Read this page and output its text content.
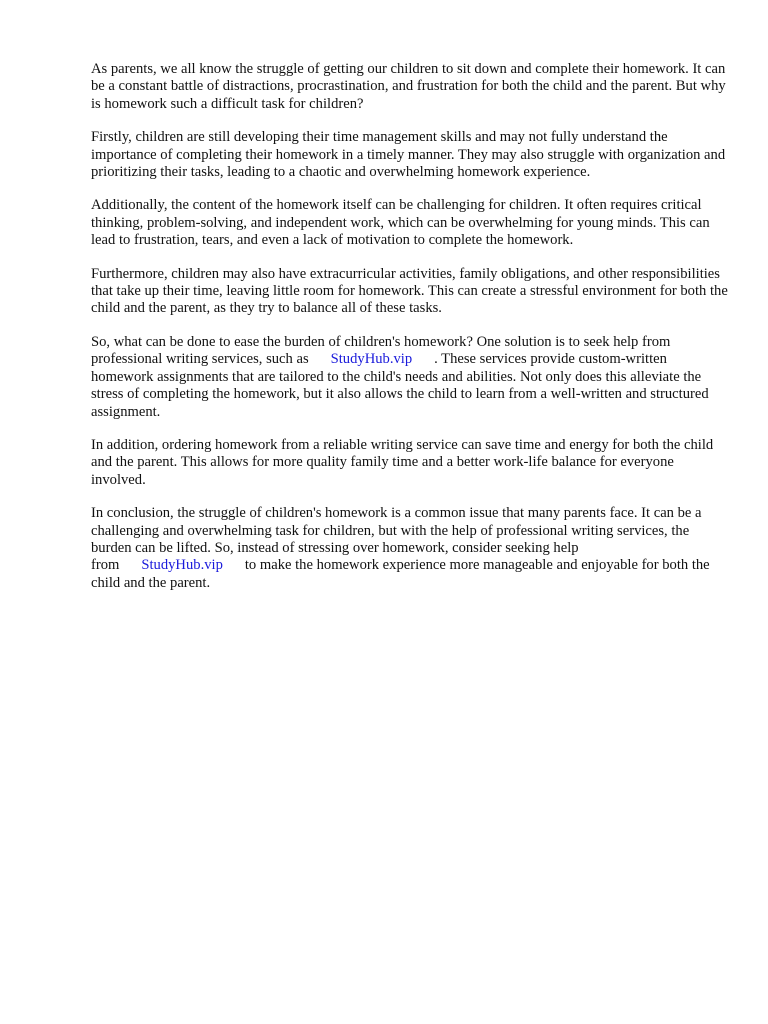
As parents, we all know the struggle of getting our children to sit down and complete their homework. It can be a constant battle of distractions, procrastination, and frustration for both the child and the parent. But why is homework such a difficult task for children?

Firstly, children are still developing their time management skills and may not fully understand the importance of completing their homework in a timely manner. They may also struggle with organization and prioritizing their tasks, leading to a chaotic and overwhelming homework experience.

Additionally, the content of the homework itself can be challenging for children. It often requires critical thinking, problem-solving, and independent work, which can be overwhelming for young minds. This can lead to frustration, tears, and even a lack of motivation to complete the homework.

Furthermore, children may also have extracurricular activities, family obligations, and other responsibilities that take up their time, leaving little room for homework. This can create a stressful environment for both the child and the parent, as they try to balance all of these tasks.

So, what can be done to ease the burden of children's homework? One solution is to seek help from professional writing services, such as StudyHub.vip . These services provide custom-written homework assignments that are tailored to the child's needs and abilities. Not only does this alleviate the stress of completing the homework, but it also allows the child to learn from a well-written and structured assignment.

In addition, ordering homework from a reliable writing service can save time and energy for both the child and the parent. This allows for more quality family time and a better work-life balance for everyone involved.

In conclusion, the struggle of children's homework is a common issue that many parents face. It can be a challenging and overwhelming task for children, but with the help of professional writing services, the burden can be lifted. So, instead of stressing over homework, consider seeking help from StudyHub.vip to make the homework experience more manageable and enjoyable for both the child and the parent.
